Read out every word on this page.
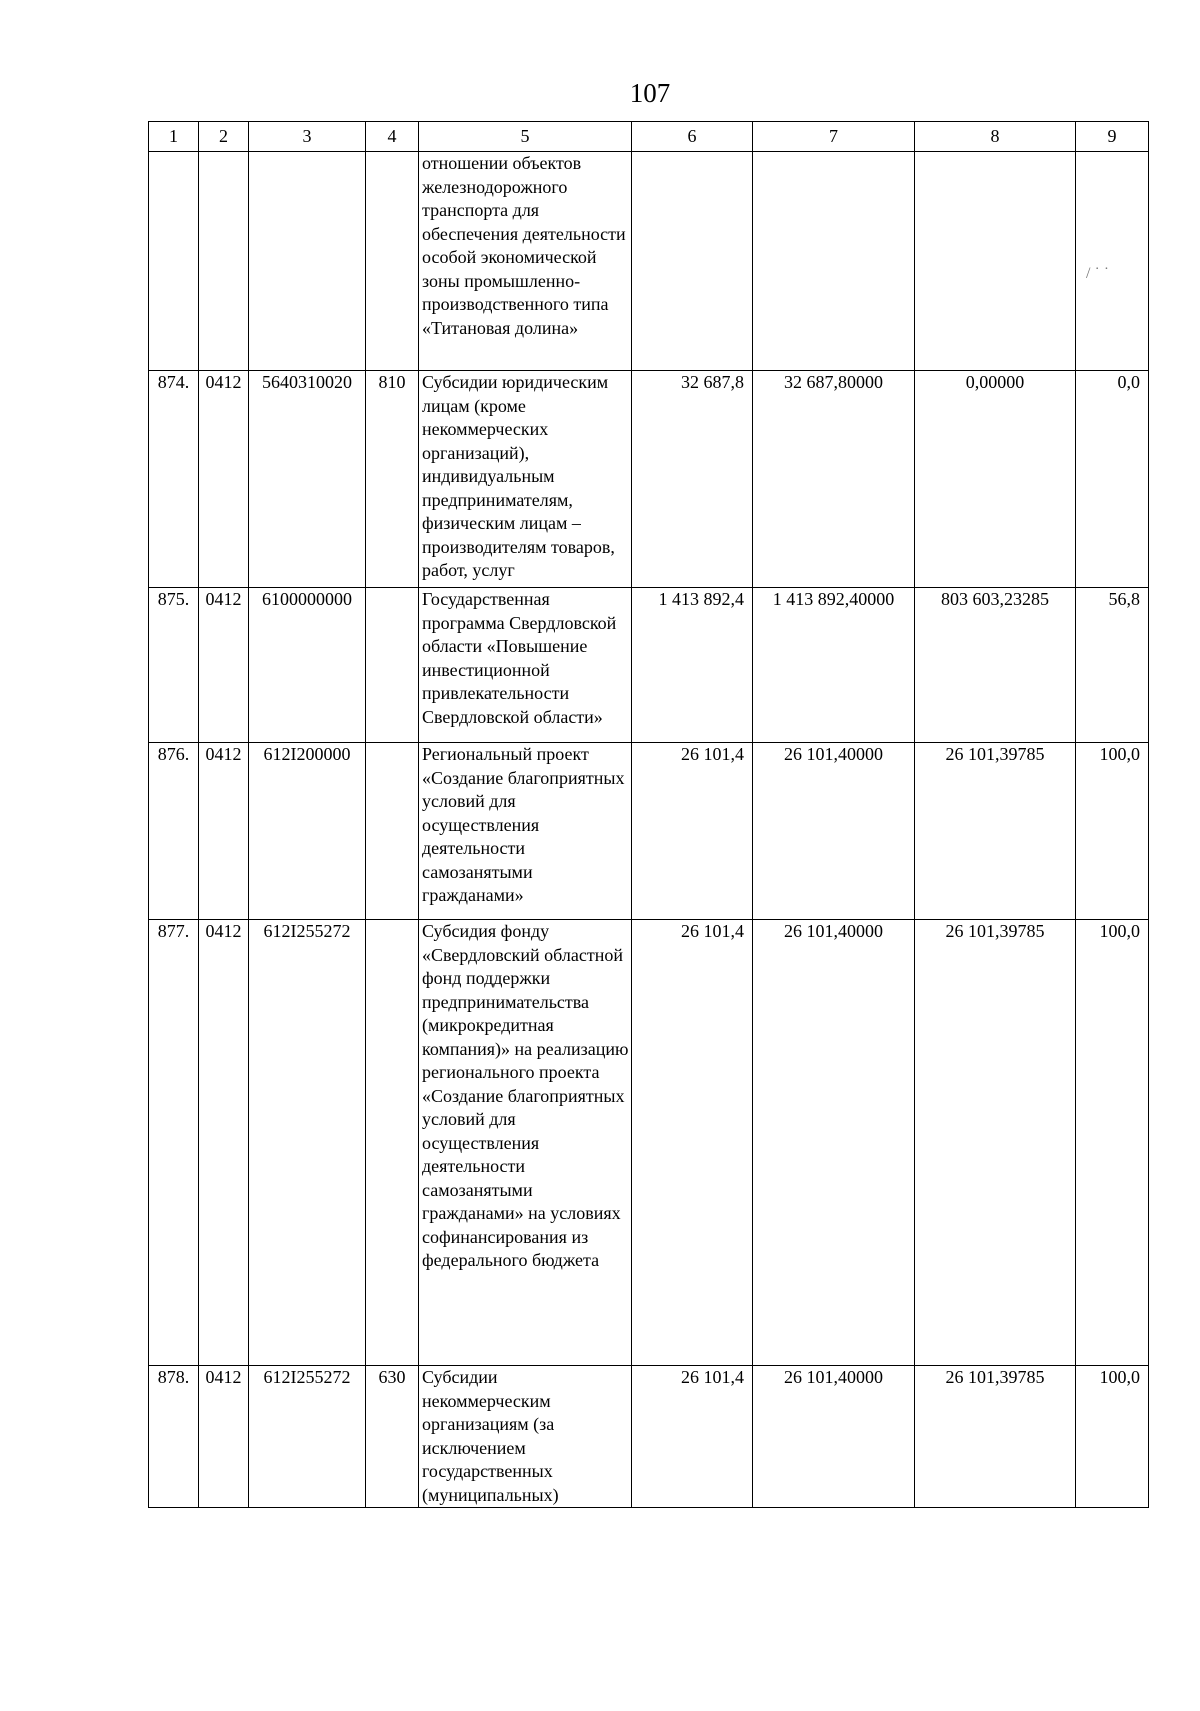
107
/ ˙ ˙
1	2	3	4	5	6	7	8	9
				отношении объектов железнодорожного транспорта для обеспечения деятельности особой экономической зоны промышленно-производственного типа «Титановая долина»				
874.	0412	5640310020	810	Субсидии юридическим лицам (кроме некоммерческих организаций), индивидуальным предпринимателям, физическим лицам – производителям товаров, работ, услуг	32 687,8	32 687,80000	0,00000	0,0
875.	0412	6100000000		Государственная программа Свердловской области «Повышение инвестиционной привлекательности Свердловской области»	1 413 892,4	1 413 892,40000	803 603,23285	56,8
876.	0412	612I200000		Региональный проект «Создание благоприятных условий для осуществления деятельности самозанятыми гражданами»	26 101,4	26 101,40000	26 101,39785	100,0
877.	0412	612I255272		Субсидия фонду «Свердловский областной фонд поддержки предпринимательства (микрокредитная компания)» на реализацию регионального проекта «Создание благоприятных условий для осуществления деятельности самозанятыми гражданами» на условиях софинансирования из федерального бюджета	26 101,4	26 101,40000	26 101,39785	100,0
878.	0412	612I255272	630	Субсидии некоммерческим организациям (за исключением государственных (муниципальных)	26 101,4	26 101,40000	26 101,39785	100,0
